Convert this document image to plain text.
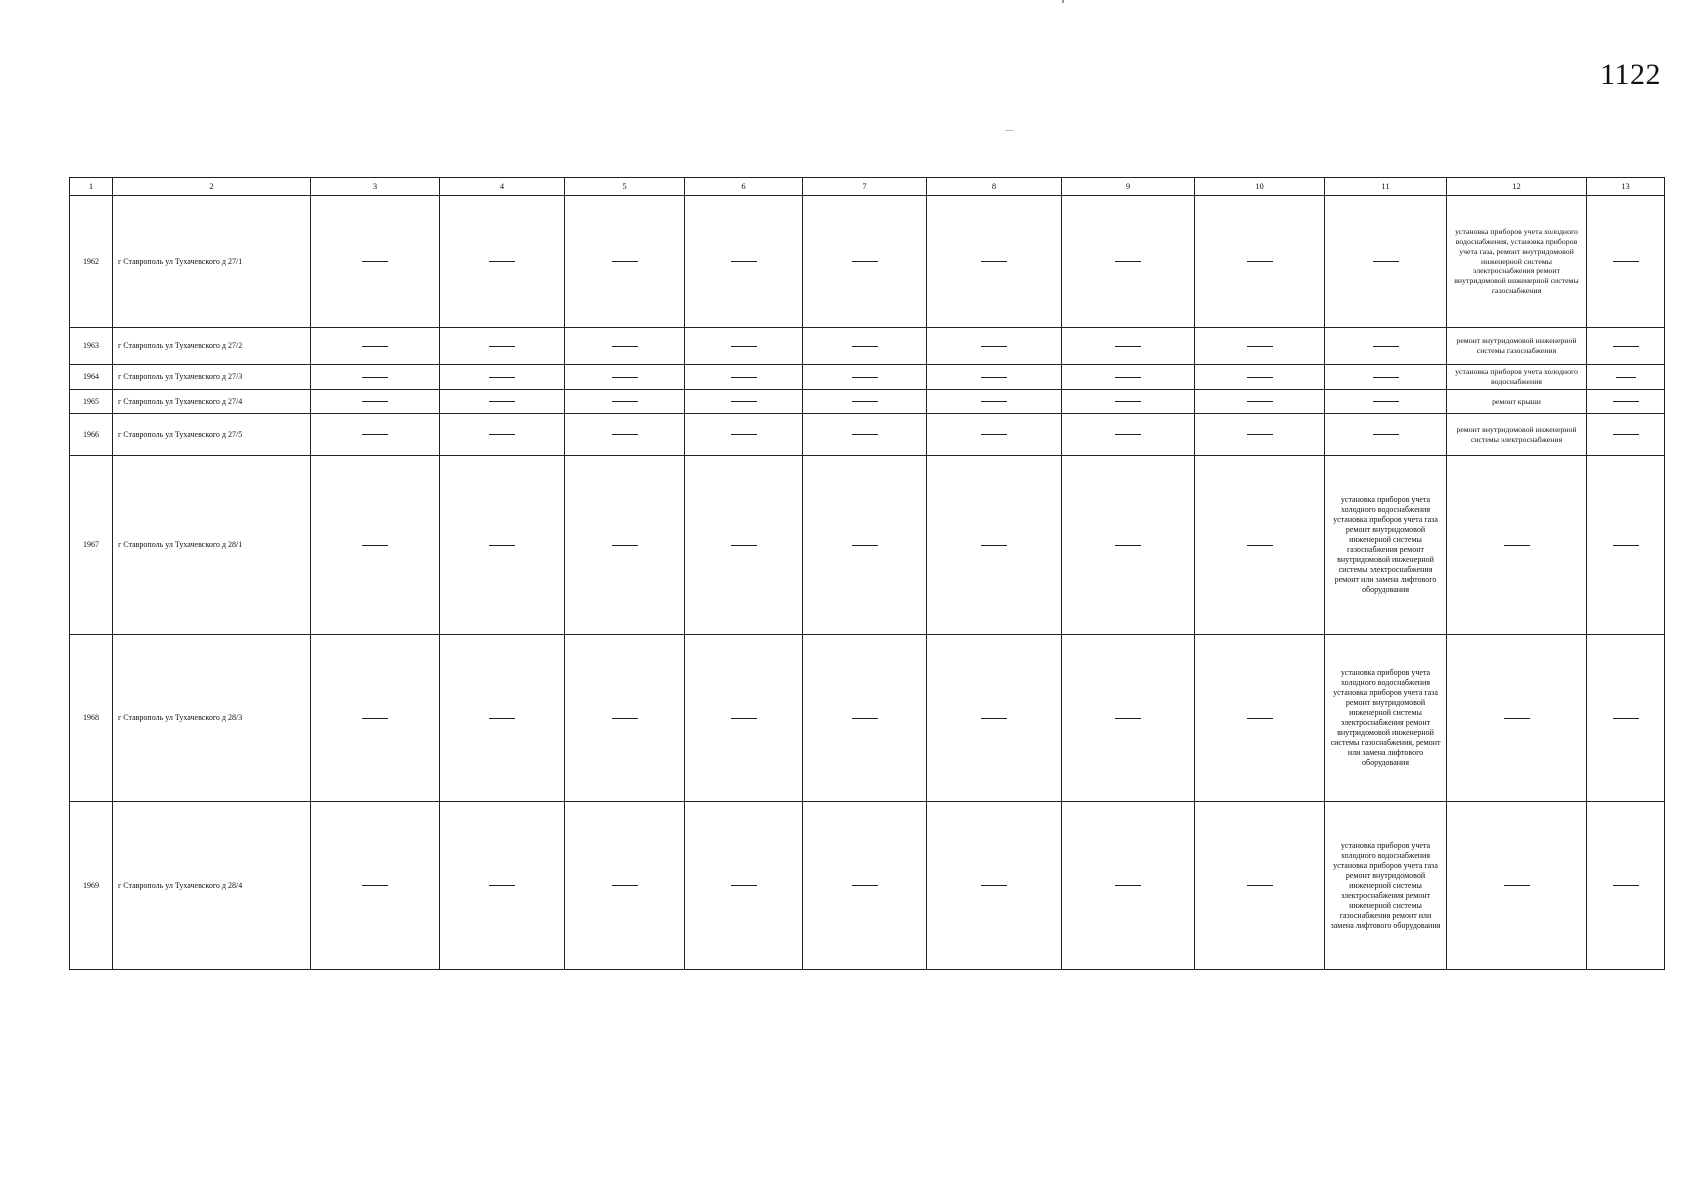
1122
1	2	3	4	5	6	7	8	9	10	11	12	13
1962	г Ставрополь ул Тухачевского д 27/1										установка приборов учета холодного водоснабжения, установка приборов учета газа, ремонт внутридомовой инженерной системы электроснабжения ремонт внутридомовой инженерной системы газоснабжения	
1963	г Ставрополь ул Тухачевского д 27/2										ремонт внутридомовой инженерной системы газоснабжения	
1964	г Ставрополь ул Тухачевского д 27/3										установка приборов учета холодного водоснабжения	
1965	г Ставрополь ул Тухачевского д 27/4										ремонт крыши	
1966	г Ставрополь ул Тухачевского д 27/5										ремонт внутридомовой инженерной системы электроснабжения	
1967	г Ставрополь ул Тухачевского д 28/1									установка приборов учета холодного водоснабжения установка приборов учета газа ремонт внутридомовой инженерной системы газоснабжения ремонт внутридомовой инженерной системы электроснабжения ремонт или замена лифтового оборудования		
1968	г Ставрополь ул Тухачевского д 28/3									установка приборов учета холодного водоснабжения установка приборов учета газа ремонт внутридомовой инженерной системы электроснабжения ремонт внутридомовой инженерной системы газоснабжения, ремонт или замена лифтового оборудования		
1969	г Ставрополь ул Тухачевского д 28/4									установка приборов учета холодного водоснабжения установка приборов учета газа ремонт внутридомовой инженерной системы электроснабжения ремонт инженерной системы газоснабжения ремонт или замена лифтового оборудования		
